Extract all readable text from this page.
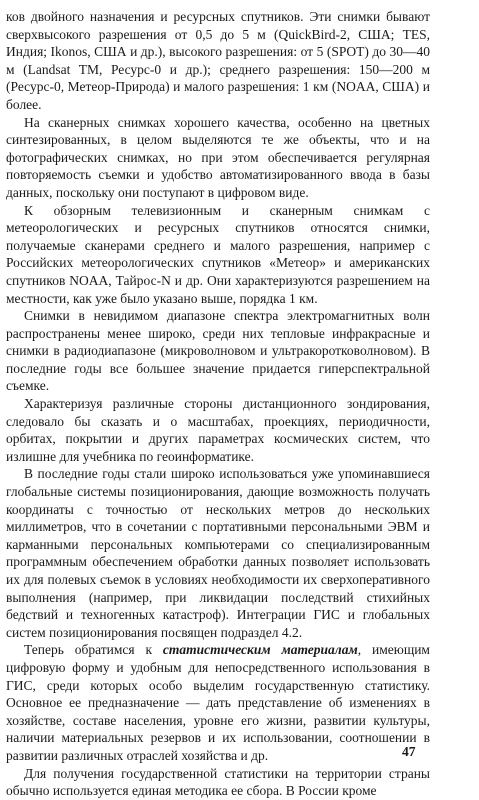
ков двойного назначения и ресурсных спутников. Эти снимки бывают сверхвысокого разрешения от 0,5 до 5 м (QuickBird-2, США; TES, Индия; Ikonos, США и др.), высокого разрешения: от 5 (SPOT) до 30—40 м (Landsat TM, Ресурс-0 и др.); среднего разрешения: 150—200 м (Ресурс-0, Метеор-Природа) и малого разрешения: 1 км (NOAA, США) и более.

На сканерных снимках хорошего качества, особенно на цветных синтезированных, в целом выделяются те же объекты, что и на фотографических снимках, но при этом обеспечивается регулярная повторяемость съемки и удобство автоматизированного ввода в базы данных, поскольку они поступают в цифровом виде.

К обзорным телевизионным и сканерным снимкам с метеорологических и ресурсных спутников относятся снимки, получаемые сканерами среднего и малого разрешения, например с Российских метеорологических спутников «Метеор» и американских спутников NOAA, Тайрос-N и др. Они характеризуются разрешением на местности, как уже было указано выше, порядка 1 км.

Снимки в невидимом диапазоне спектра электромагнитных волн распространены менее широко, среди них тепловые инфракрасные и снимки в радиодиапазоне (микроволновом и ультракоротковолновом). В последние годы все большее значение придается гиперспектральной съемке.

Характеризуя различные стороны дистанционного зондирования, следовало бы сказать и о масштабах, проекциях, периодичности, орбитах, покрытии и других параметрах космических систем, что излишне для учебника по геоинформатике.

В последние годы стали широко использоваться уже упоминавшиеся глобальные системы позиционирования, дающие возможность получать координаты с точностью от нескольких метров до нескольких миллиметров, что в сочетании с портативными персональными ЭВМ и карманными персональных компьютерами со специализированным программным обеспечением обработки данных позволяет использовать их для полевых съемок в условиях необходимости их сверхоперативного выполнения (например, при ликвидации последствий стихийных бедствий и техногенных катастроф). Интеграции ГИС и глобальных систем позиционирования посвящен подраздел 4.2.

Теперь обратимся к статистическим материалам, имеющим цифровую форму и удобным для непосредственного использования в ГИС, среди которых особо выделим государственную статистику. Основное ее предназначение — дать представление об изменениях в хозяйстве, составе населения, уровне его жизни, развитии культуры, наличии материальных резервов и их использовании, соотношении в развитии различных отраслей хозяйства и др.

Для получения государственной статистики на территории страны обычно используется единая методика ее сбора. В России кроме

47
